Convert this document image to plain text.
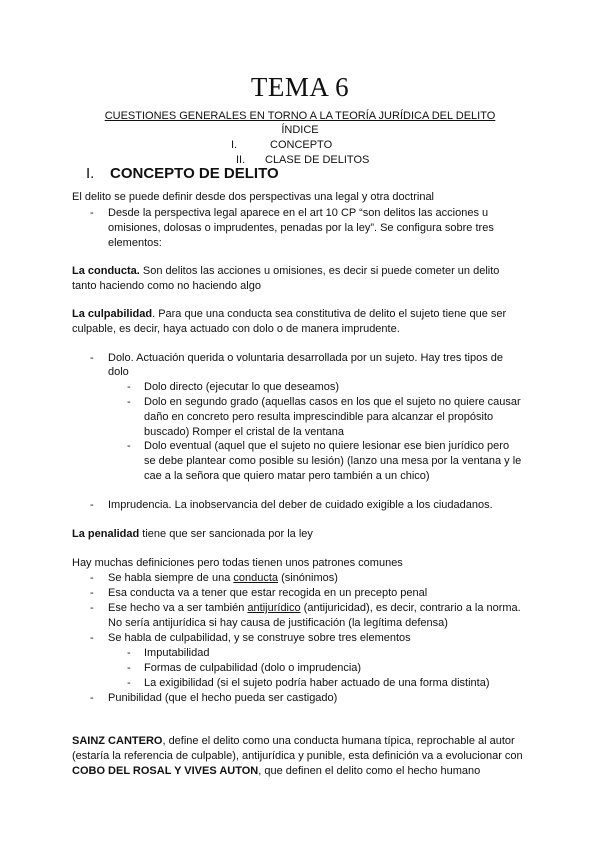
TEMA 6
CUESTIONES GENERALES EN TORNO A LA TEORÍA JURÍDICA DEL DELITO
ÍNDICE
I.	CONCEPTO
II. CLASE DE DELITOS
I. CONCEPTO DE DELITO
El delito se puede definir desde dos perspectivas una legal y otra doctrinal
- Desde la perspectiva legal aparece en el art 10 CP “son delitos las acciones u
omisiones, dolosas o imprudentes, penadas por la ley”. Se configura sobre tres
elementos:
La conducta. Son delitos las acciones u omisiones, es decir si puede cometer un delito
tanto haciendo como no haciendo algo
La culpabilidad. Para que una conducta sea constitutiva de delito el sujeto tiene que ser
culpable, es decir, haya actuado con dolo o de manera imprudente.
- Dolo. Actuación querida o voluntaria desarrollada por un sujeto. Hay tres tipos de
dolo
- Dolo directo (ejecutar lo que deseamos)
- Dolo en segundo grado (aquellas casos en los que el sujeto no quiere causar
daño en concreto pero resulta imprescindible para alcanzar el propósito
buscado) Romper el cristal de la ventana
- Dolo eventual (aquel que el sujeto no quiere lesionar ese bien jurídico pero
se debe plantear como posible su lesión) (lanzo una mesa por la ventana y le
cae a la señora que quiero matar pero también a un chico)
- Imprudencia. La inobservancia del deber de cuidado exigible a los ciudadanos.
La penalidad tiene que ser sancionada por la ley
Hay muchas definiciones pero todas tienen unos patrones comunes
- Se habla siempre de una conducta (sinónimos)
- Esa conducta va a tener que estar recogida en un precepto penal
- Ese hecho va a ser también antijurídico (antijuricidad), es decir, contrario a la norma.
No sería antijurídica si hay causa de justificación (la legítima defensa)
- Se habla de culpabilidad, y se construye sobre tres elementos
- Imputabilidad
- Formas de culpabilidad (dolo o imprudencia)
- La exigibilidad (si el sujeto podría haber actuado de una forma distinta)
- Punibilidad (que el hecho pueda ser castigado)
SAINZ CANTERO, define el delito como una conducta humana típica, reprochable al autor
(estaría la referencia de culpable), antijurídica y punible, esta definición va a evolucionar con
COBO DEL ROSAL Y VIVES AUTON, que definen el delito como el hecho humano
